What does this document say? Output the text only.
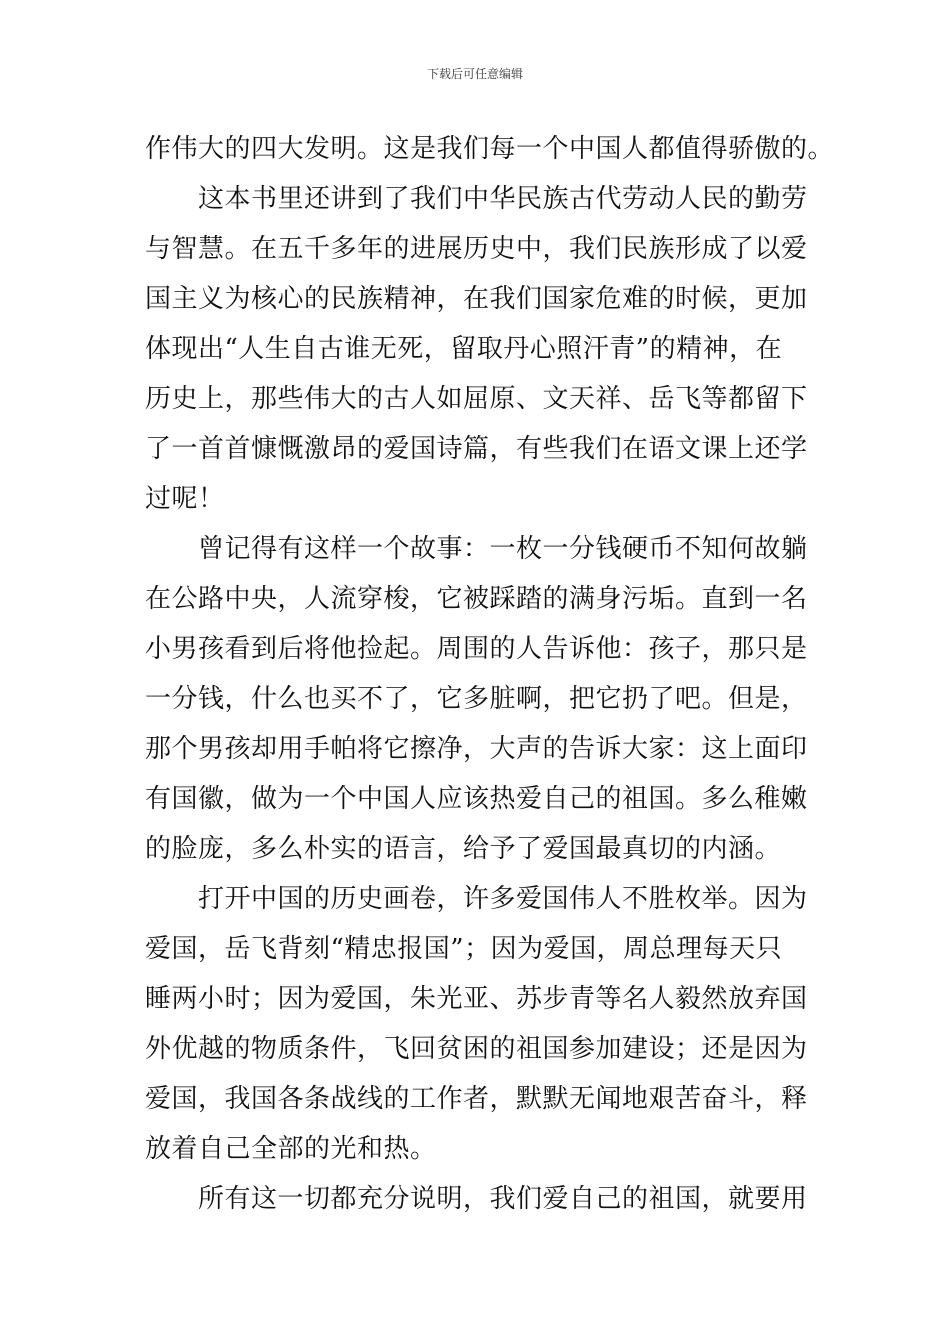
下载后可任意编辑
作伟大的四大发明。这是我们每一个中国人都值得骄傲的。
这本书里还讲到了我们中华民族古代劳动人民的勤劳
与智慧。在五千多年的进展历史中，我们民族形成了以爱
国主义为核心的民族精神，在我们国家危难的时候，更加
体现出“人生自古谁无死，留取丹心照汗青”的精神，在
历史上，那些伟大的古人如屈原、文天祥、岳飞等都留下
了一首首慷慨激昂的爱国诗篇，有些我们在语文课上还学
过呢！
曾记得有这样一个故事：一枚一分钱硬币不知何故躺
在公路中央，人流穿梭，它被踩踏的满身污垢。直到一名
小男孩看到后将他捡起。周围的人告诉他：孩子，那只是
一分钱，什么也买不了，它多脏啊，把它扔了吧。但是，
那个男孩却用手帕将它擦净，大声的告诉大家：这上面印
有国徽，做为一个中国人应该热爱自己的祖国。多么稚嫩
的脸庞，多么朴实的语言，给予了爱国最真切的内涵。
打开中国的历史画卷，许多爱国伟人不胜枚举。因为
爱国，岳飞背刻“精忠报国”；因为爱国，周总理每天只
睡两小时；因为爱国，朱光亚、苏步青等名人毅然放弃国
外优越的物质条件，飞回贫困的祖国参加建设；还是因为
爱国，我国各条战线的工作者，默默无闻地艰苦奋斗，释
放着自己全部的光和热。
所有这一切都充分说明，我们爱自己的祖国，就要用
